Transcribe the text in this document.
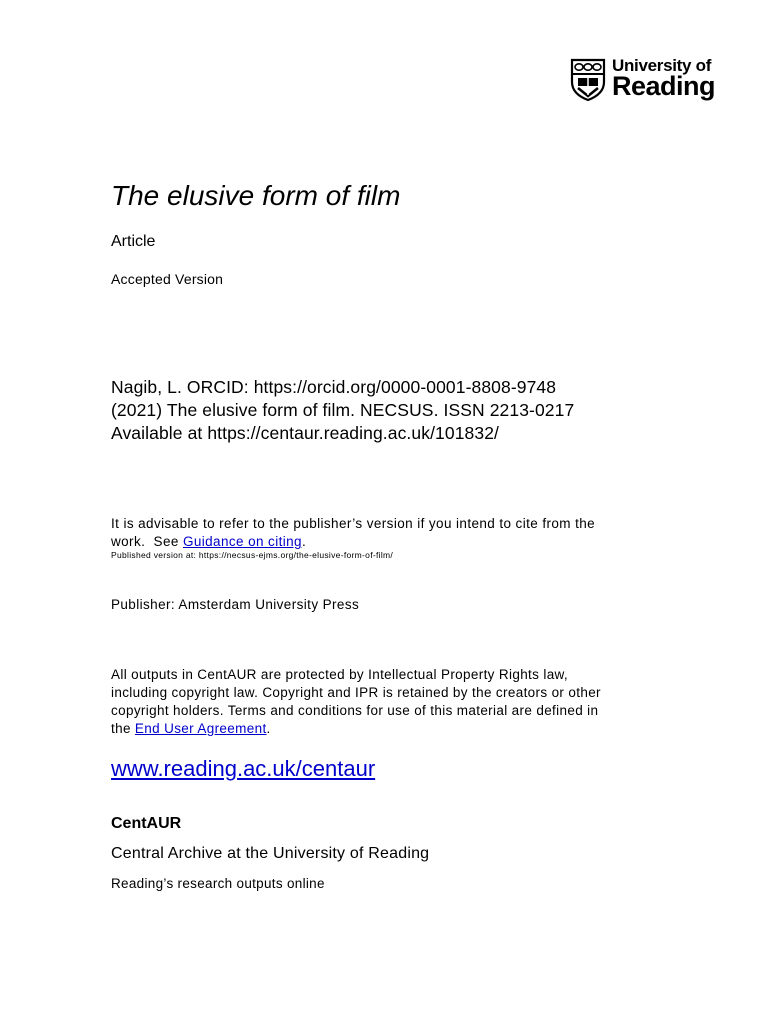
University of
Reading
The elusive form of film
Article
Accepted Version
Nagib, L. ORCID: https://orcid.org/0000-0001-8808-9748
(2021) The elusive form of film. NECSUS. ISSN 2213-0217
Available at https://centaur.reading.ac.uk/101832/
It is advisable to refer to the publisher’s version if you intend to cite from the
work.  See Guidance on citing.
Published version at: https://necsus-ejms.org/the-elusive-form-of-film/
Publisher: Amsterdam University Press
All outputs in CentAUR are protected by Intellectual Property Rights law,
including copyright law. Copyright and IPR is retained by the creators or other
copyright holders. Terms and conditions for use of this material are defined in
the End User Agreement.
www.reading.ac.uk/centaur
CentAUR
Central Archive at the University of Reading
Reading’s research outputs online
